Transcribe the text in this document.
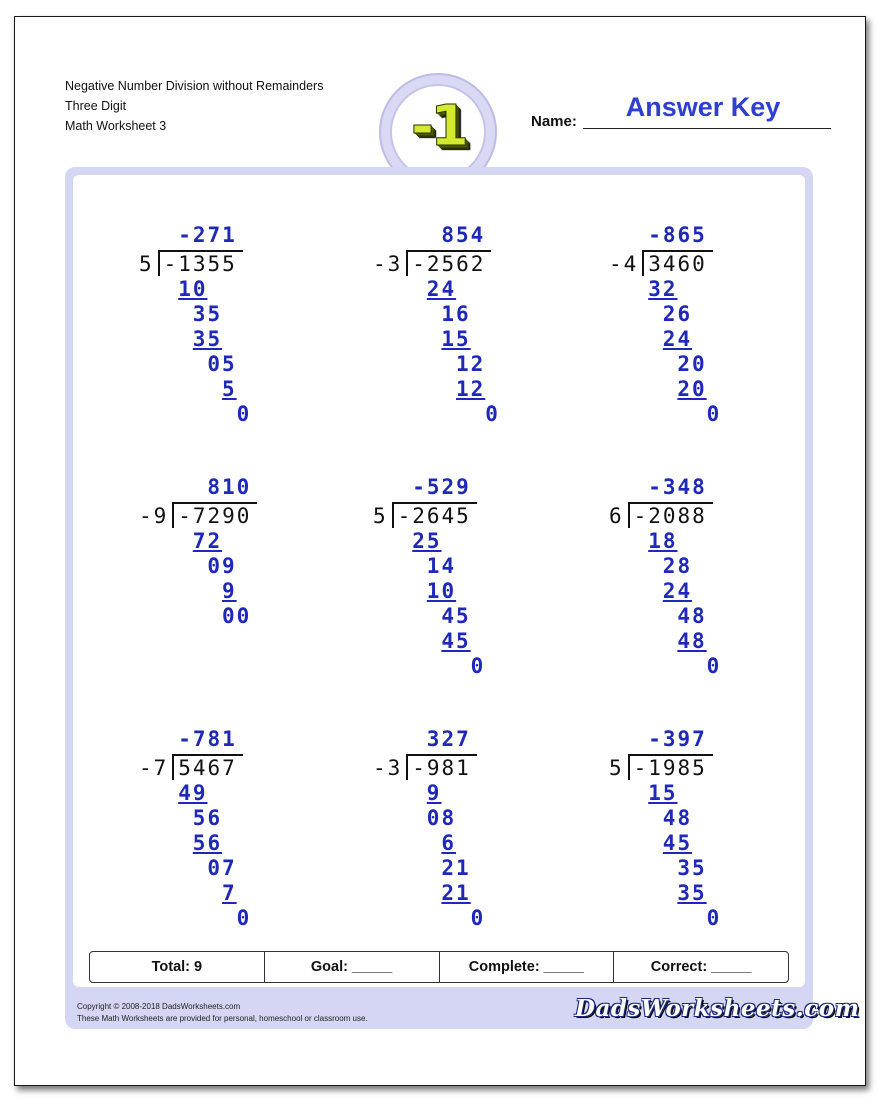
Negative Number Division without Remainders
Three Digit
Math Worksheet 3	-1	Name:	Answer Key
-271
5 -1355
10
35
35
05
5
0
854
-3 -2562
24
16
15
12
12
0
-865
-4 3460
32
26
24
20
20
0
810
-9 -7290
72
09
9
00
-529
5 -2645
25
14
10
45
45
0
-348
6 -2088
18
28
24
48
48
0
-781
-7 5467
49
56
56
07
7
0
327
-3 -981
9
08
6
21
21
0
-397
5 -1985
15
48
45
35
35
0
Total: 9	Goal: _____	Complete: _____	Correct: _____
Copyright © 2008-2018 DadsWorksheets.com
These Math Worksheets are provided for personal, homeschool or classroom use.	DadsWorksheets.com
